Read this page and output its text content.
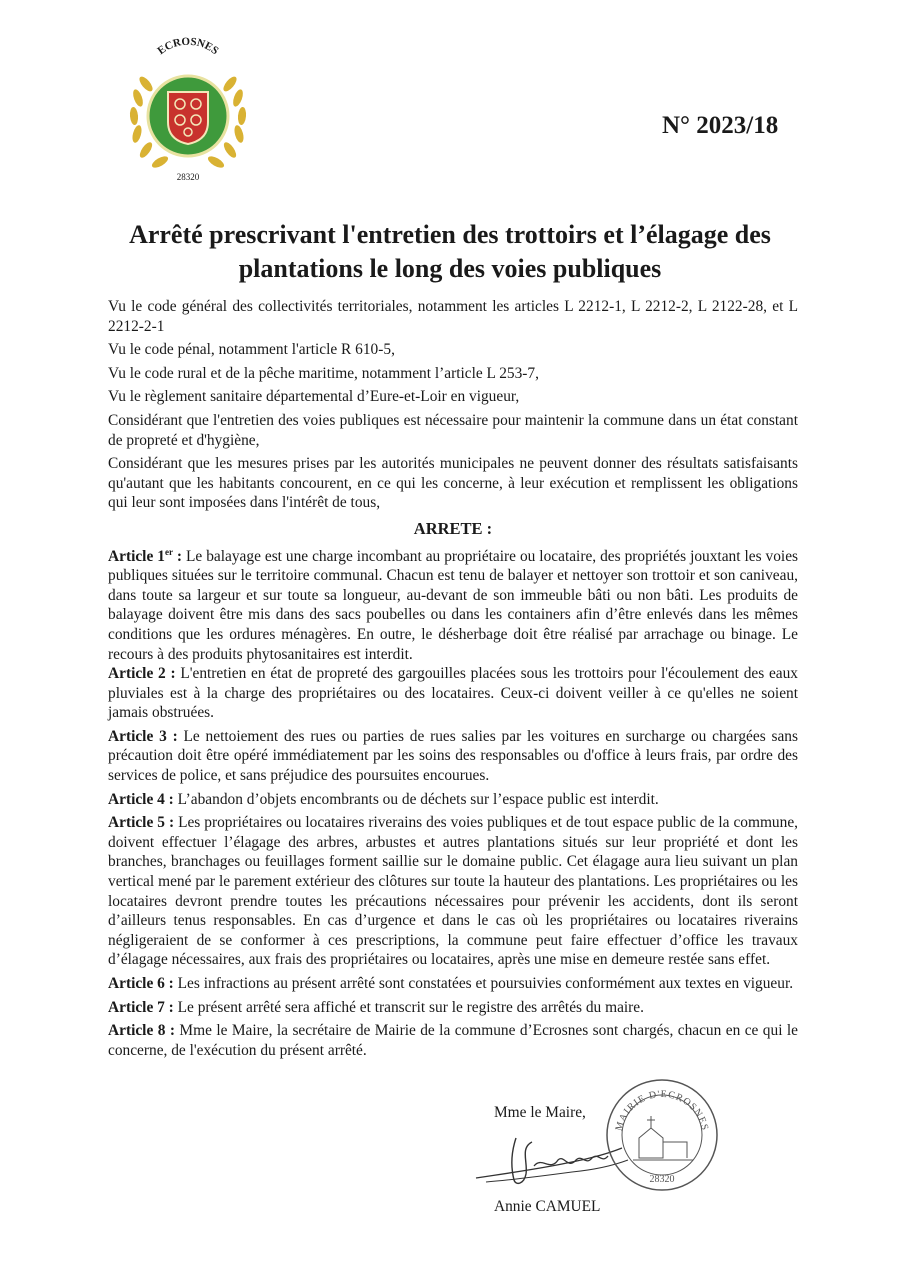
ECROSNES
28320
N° 2023/18
Arrêté prescrivant l'entretien des trottoirs et l’élagage des
plantations le long des voies publiques

Vu le code général des collectivités territoriales, notamment les articles L 2212-1, L 2212-2, L 2122-28, et L 2212-2-1

Vu le code pénal, notamment l'article R 610-5,

Vu le code rural et de la pêche maritime, notamment l’article L 253-7,

Vu le règlement sanitaire départemental d’Eure-et-Loir en vigueur,

Considérant que l'entretien des voies publiques est nécessaire pour maintenir la commune dans un état constant de propreté et d'hygiène,

Considérant que les mesures prises par les autorités municipales ne peuvent donner des résultats satisfaisants qu'autant que les habitants concourent, en ce qui les concerne, à leur exécution et remplissent les obligations qui leur sont imposées dans l'intérêt de tous,

ARRETE :

Article 1er : Le balayage est une charge incombant au propriétaire ou locataire, des propriétés jouxtant les voies publiques situées sur le territoire communal. Chacun est tenu de balayer et nettoyer son trottoir et son caniveau, dans toute sa largeur et sur toute sa longueur, au-devant de son immeuble bâti ou non bâti. Les produits de balayage doivent être mis dans des sacs poubelles ou dans les containers afin d’être enlevés dans les mêmes conditions que les ordures ménagères. En outre, le désherbage doit être réalisé par arrachage ou binage. Le recours à des produits phytosanitaires est interdit.

Article 2 : L'entretien en état de propreté des gargouilles placées sous les trottoirs pour l'écoulement des eaux pluviales est à la charge des propriétaires ou des locataires. Ceux-ci doivent veiller à ce qu'elles ne soient jamais obstruées.

Article 3 : Le nettoiement des rues ou parties de rues salies par les voitures en surcharge ou chargées sans précaution doit être opéré immédiatement par les soins des responsables ou d'office à leurs frais, par ordre des services de police, et sans préjudice des poursuites encourues.

Article 4 : L’abandon d’objets encombrants ou de déchets sur l’espace public est interdit.

Article 5 : Les propriétaires ou locataires riverains des voies publiques et de tout espace public de la commune, doivent effectuer l’élagage des arbres, arbustes et autres plantations situés sur leur propriété et dont les branches, branchages ou feuillages forment saillie sur le domaine public. Cet élagage aura lieu suivant un plan vertical mené par le parement extérieur des clôtures sur toute la hauteur des plantations. Les propriétaires ou les locataires devront prendre toutes les précautions nécessaires pour prévenir les accidents, dont ils seront d’ailleurs tenus responsables. En cas d’urgence et dans le cas où les propriétaires ou locataires riverains négligeraient de se conformer à ces prescriptions, la commune peut faire effectuer d’office les travaux d’élagage nécessaires, aux frais des propriétaires ou locataires, après une mise en demeure restée sans effet.

Article 6 : Les infractions au présent arrêté sont constatées et poursuivies conformément aux textes en vigueur.

Article 7 : Le présent arrêté sera affiché et transcrit sur le registre des arrêtés du maire.

Article 8 : Mme le Maire, la secrétaire de Mairie de la commune d’Ecrosnes sont chargés, chacun en ce qui le concerne, de l'exécution du présent arrêté.

Mme le Maire,
MAIRIE D'ECROSNES
28320
Annie CAMUEL
